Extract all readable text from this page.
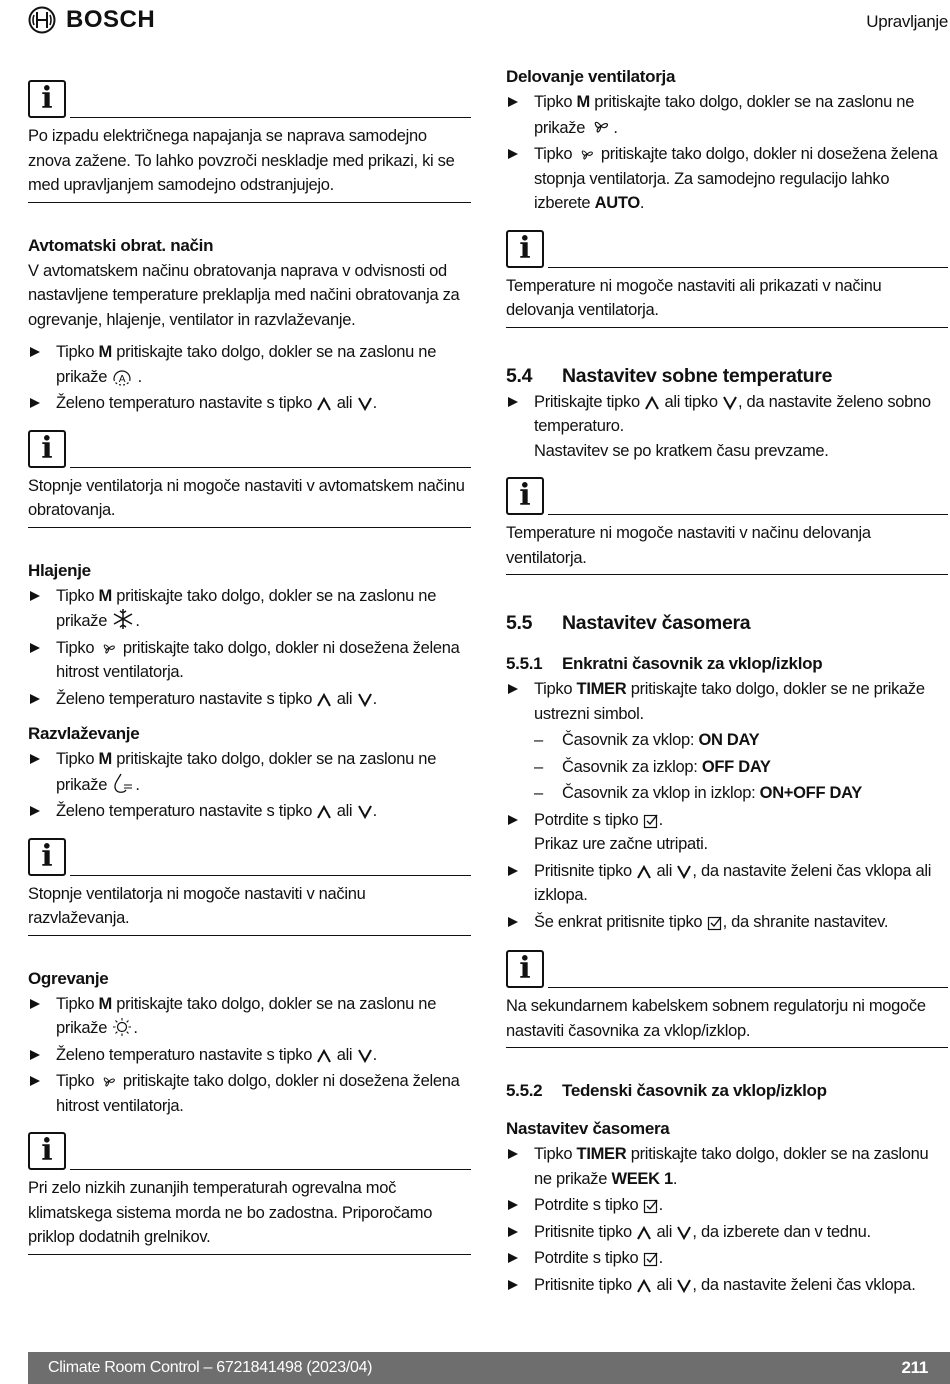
BOSCH	Upravljanje
i

Po izpadu električnega napajanja se naprava samodejno znova zažene. To lahko povzroči neskladje med prikazi, ki se med upravljanjem samodejno odstranjujejo.

Avtomatski obrat. način

V avtomatskem načinu obratovanja naprava v odvisnosti od nastavljene temperature preklaplja med načini obratovanja za ogrevanje, hlajenje, ventilator in razvlaževanje.

Tipko M pritiskajte tako dolgo, dokler se na zaslonu ne prikaže A .
Želeno temperaturo nastavite s tipko ali .
i

Stopnje ventilatorja ni mogoče nastaviti v avtomatskem načinu obratovanja.

Hlajenje
Tipko M pritiskajte tako dolgo, dokler se na zaslonu ne prikaže .
Tipko pritiskajte tako dolgo, dokler ni dosežena želena hitrost ventilatorja.
Želeno temperaturo nastavite s tipko ali .
Razvlaževanje
Tipko M pritiskajte tako dolgo, dokler se na zaslonu ne prikaže .
Želeno temperaturo nastavite s tipko ali .
i

Stopnje ventilatorja ni mogoče nastaviti v načinu razvlaževanja.

Ogrevanje
Tipko M pritiskajte tako dolgo, dokler se na zaslonu ne prikaže .
Želeno temperaturo nastavite s tipko ali .
Tipko pritiskajte tako dolgo, dokler ni dosežena želena hitrost ventilatorja.
i

Pri zelo nizkih zunanjih temperaturah ogrevalna moč klimatskega sistema morda ne bo zadostna. Priporočamo priklop dodatnih grelnikov.

Delovanje ventilatorja
Tipko M pritiskajte tako dolgo, dokler se na zaslonu ne prikaže .
Tipko pritiskajte tako dolgo, dokler ni dosežena želena stopnja ventilatorja. Za samodejno regulacijo lahko izberete AUTO.
i

Temperature ni mogoče nastaviti ali prikazati v načinu delovanja ventilatorja.

5.4 Nastavitev sobne temperature
Pritiskajte tipko ali tipko , da nastavite želeno sobno temperaturo.
Nastavitev se po kratkem času prevzame.
i

Temperature ni mogoče nastaviti v načinu delovanja ventilatorja.

5.5 Nastavitev časomera
5.5.1 Enkratni časovnik za vklop/izklop
Tipko TIMER pritiskajte tako dolgo, dokler se ne prikaže ustrezni simbol.
– Časovnik za vklop: ON DAY
– Časovnik za izklop: OFF DAY
– Časovnik za vklop in izklop: ON+OFF DAY
Potrdite s tipko .
Prikaz ure začne utripati.
Pritisnite tipko ali , da nastavite želeni čas vklopa ali izklopa.
Še enkrat pritisnite tipko , da shranite nastavitev.
i

Na sekundarnem kabelskem sobnem regulatorju ni mogoče nastaviti časovnika za vklop/izklop.

5.5.2 Tedenski časovnik za vklop/izklop
Nastavitev časomera
Tipko TIMER pritiskajte tako dolgo, dokler se na zaslonu ne prikaže WEEK 1.
Potrdite s tipko .
Pritisnite tipko ali , da izberete dan v tednu.
Potrdite s tipko .
Pritisnite tipko ali , da nastavite želeni čas vklopa.
Climate Room Control – 6721841498 (2023/04)	211
